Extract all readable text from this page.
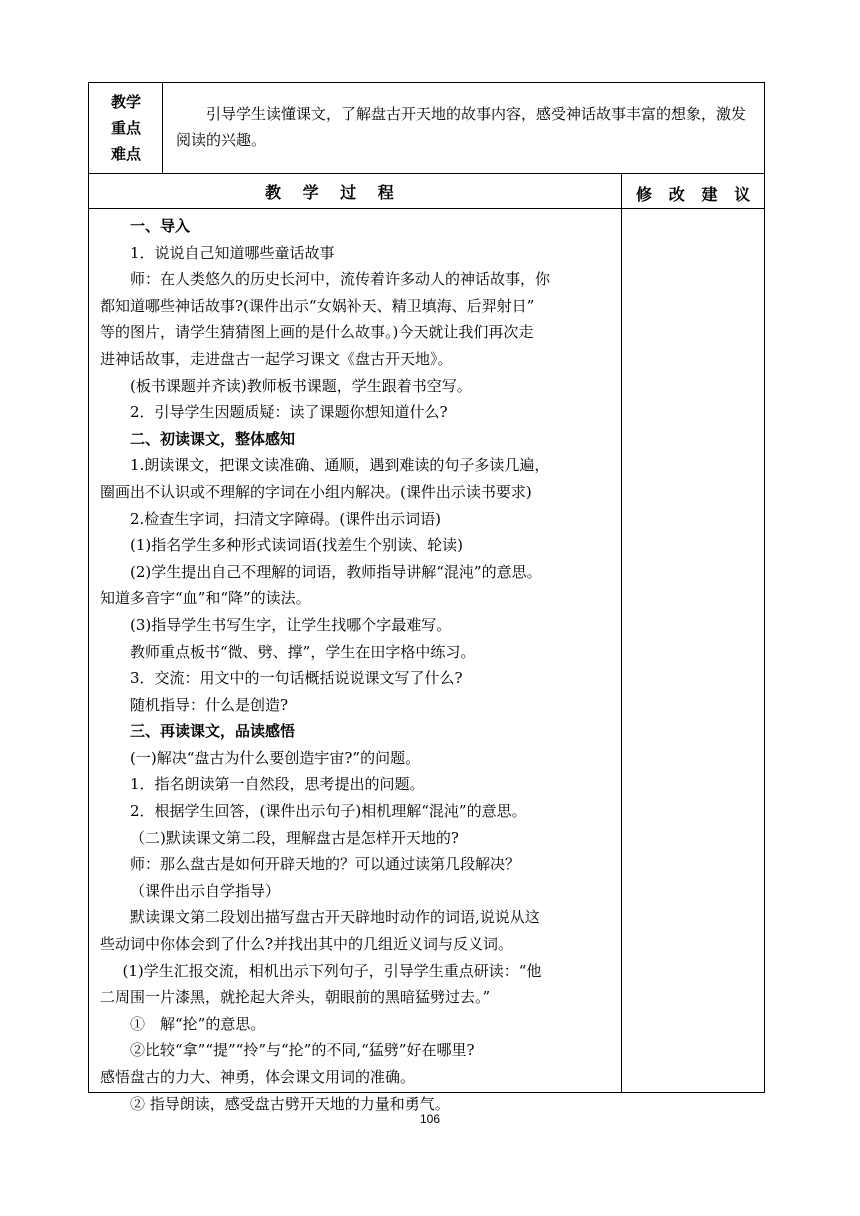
教学
重点
难点
引导学生读懂课文，了解盘古开天地的故事内容，感受神话故事丰富的想象，激发阅读的兴趣。
教 学 过 程	修 改 建 议

一、导入

1．说说自己知道哪些童话故事

师：在人类悠久的历史长河中，流传着许多动人的神话故事，你

都知道哪些神话故事?(课件出示“女娲补天、精卫填海、后羿射日”

等的图片，请学生猜猜图上画的是什么故事。)今天就让我们再次走

进神话故事，走进盘古一起学习课文《盘古开天地》。

(板书课题并齐读)教师板书课题，学生跟着书空写。

2．引导学生因题质疑：读了课题你想知道什么?

二、初读课文，整体感知

1.朗读课文，把课文读准确、通顺，遇到难读的句子多读几遍，

圈画出不认识或不理解的字词在小组内解决。(课件出示读书要求)

2.检查生字词，扫清文字障碍。(课件出示词语)

(1)指名学生多种形式读词语(找差生个别读、轮读)

(2)学生提出自己不理解的词语，教师指导讲解“混沌”的意思。

知道多音字“血”和“降”的读法。

(3)指导学生书写生字，让学生找哪个字最难写。

教师重点板书“微、劈、撑”，学生在田字格中练习。

3．交流：用文中的一句话概括说说课文写了什么?

随机指导：什么是创造?

三、再读课文，品读感悟

(一)解决“盘古为什么要创造宇宙?”的问题。

1．指名朗读第一自然段，思考提出的问题。

2．根据学生回答，(课件出示句子)相机理解“混沌”的意思。

（二)默读课文第二段，理解盘古是怎样开天地的?

师：那么盘古是如何开辟天地的？可以通过读第几段解决？

（课件出示自学指导）

默读课文第二段划出描写盘古开天辟地时动作的词语,说说从这

些动词中你体会到了什么?并找出其中的几组近义词与反义词。

(1)学生汇报交流，相机出示下列句子，引导学生重点研读：“他

二周围一片漆黑，就抡起大斧头，朝眼前的黑暗猛劈过去。”

①　解“抡”的意思。

②比较“拿”“提”“拎”与“抡”的不同,“猛劈”好在哪里?

感悟盘古的力大、神勇，体会课文用词的准确。

② 指导朗读，感受盘古劈开天地的力量和勇气。

106
